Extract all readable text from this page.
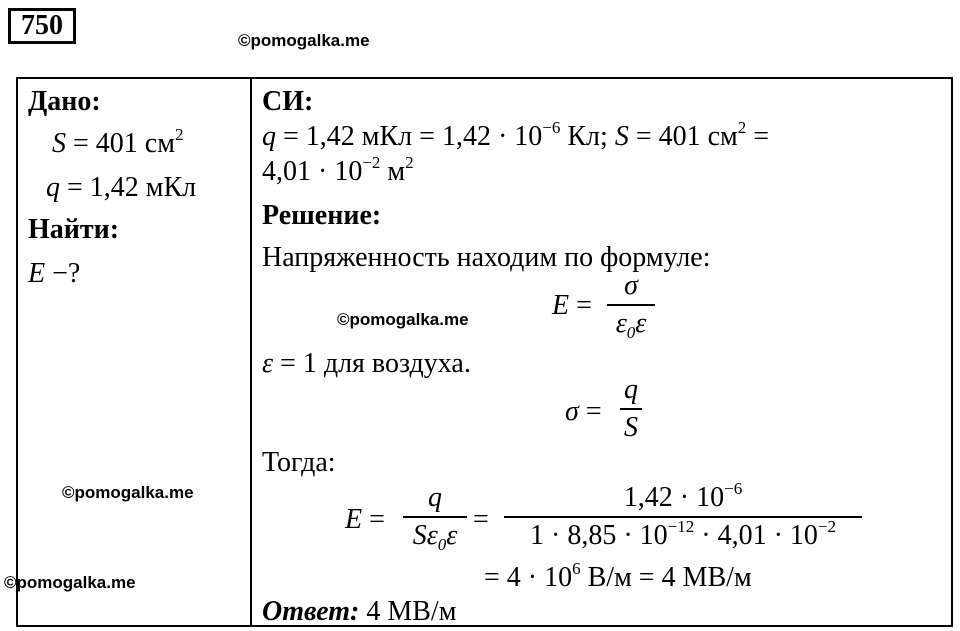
750	©pomogalka.me
©pomogalka.me
©pomogalka.me
©pomogalka.me
Дано:
S = 401 $см^2$
q = 1,42 мКл
Найти:
E −?
СИ:
q = 1,42 мКл = $1,42 \cdot 10^{-6}$ Кл; S = 401 $см^2$ =
$4,01 \cdot 10^{-2}$ $м^2$
Решение:
Напряженность находим по формуле:
E =
σ
$\varepsilon_0\varepsilon$
ε = 1 для воздуха.
σ =
q
S
Тогда:
E =
q
$S\varepsilon_0\varepsilon$
=
$1,42 \cdot 10^{-6}$
$1 \cdot 8,85 \cdot 10^{-12} \cdot 4,01 \cdot 10^{-2}$
= $4 \cdot 10^6$ В/м = 4 МВ/м
Ответ: 4 МВ/м
